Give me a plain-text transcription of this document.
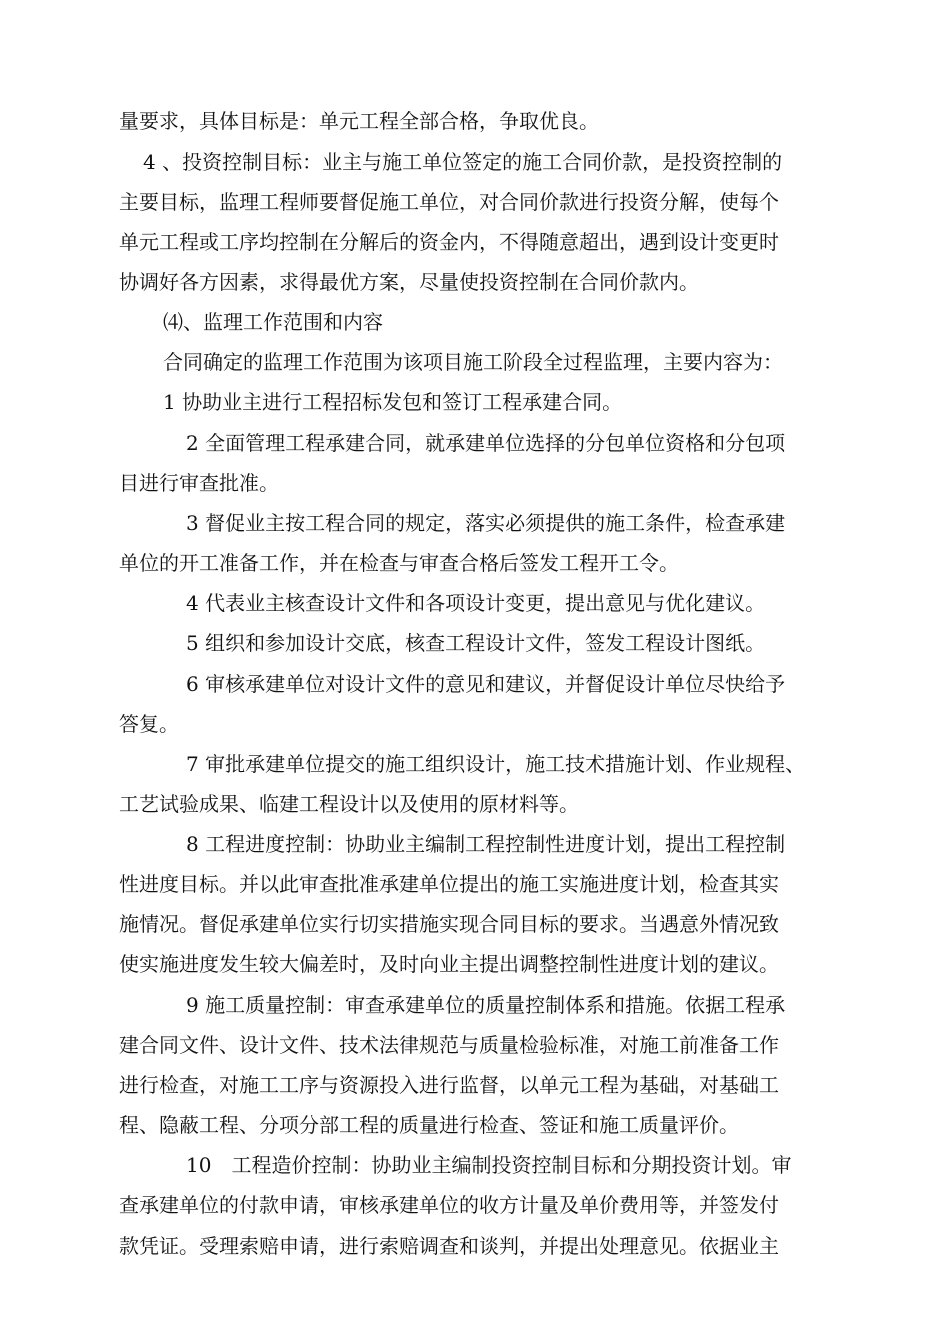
量要求，具体目标是：单元工程全部合格，争取优良。
4 、投资控制目标：业主与施工单位签定的施工合同价款，是投资控制的
主要目标，监理工程师要督促施工单位，对合同价款进行投资分解，使每个
单元工程或工序均控制在分解后的资金内，不得随意超出，遇到设计变更时
协调好各方因素，求得最优方案，尽量使投资控制在合同价款内。
⑷、监理工作范围和内容
合同确定的监理工作范围为该项目施工阶段全过程监理，主要内容为：
1 协助业主进行工程招标发包和签订工程承建合同。
2 全面管理工程承建合同，就承建单位选择的分包单位资格和分包项
目进行审查批准。
3 督促业主按工程合同的规定，落实必须提供的施工条件，检查承建
单位的开工准备工作，并在检查与审查合格后签发工程开工令。
4 代表业主核查设计文件和各项设计变更，提出意见与优化建议。
5 组织和参加设计交底，核查工程设计文件，签发工程设计图纸。
6 审核承建单位对设计文件的意见和建议，并督促设计单位尽快给予
答复。
7 审批承建单位提交的施工组织设计，施工技术措施计划、作业规程、
工艺试验成果、临建工程设计以及使用的原材料等。
8 工程进度控制：协助业主编制工程控制性进度计划，提出工程控制
性进度目标。并以此审查批准承建单位提出的施工实施进度计划，检查其实
施情况。督促承建单位实行切实措施实现合同目标的要求。当遇意外情况致
使实施进度发生较大偏差时，及时向业主提出调整控制性进度计划的建议。
9 施工质量控制：审查承建单位的质量控制体系和措施。依据工程承
建合同文件、设计文件、技术法律规范与质量检验标准，对施工前准备工作
进行检查，对施工工序与资源投入进行监督，以单元工程为基础，对基础工
程、隐蔽工程、分项分部工程的质量进行检查、签证和施工质量评价。
10　工程造价控制：协助业主编制投资控制目标和分期投资计划。审
查承建单位的付款申请，审核承建单位的收方计量及单价费用等，并签发付
款凭证。受理索赔申请，进行索赔调查和谈判，并提出处理意见。依据业主
